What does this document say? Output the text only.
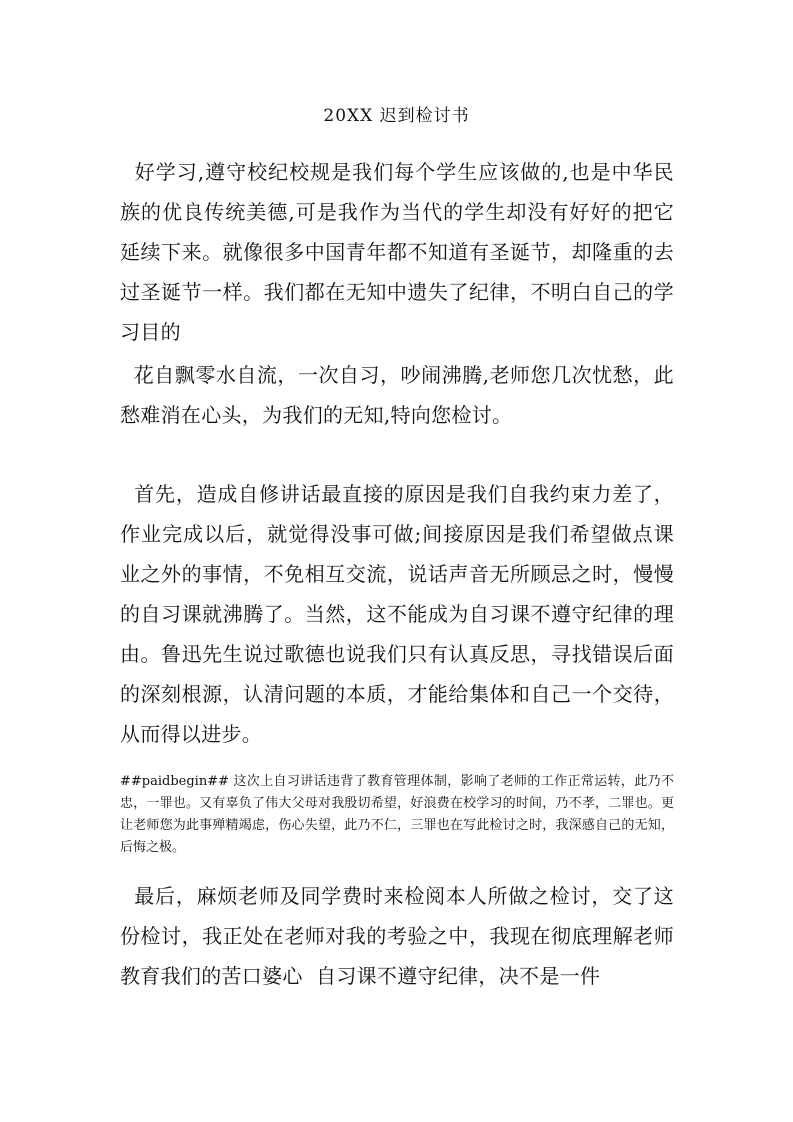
20XX 迟到检讨书

好学习,遵守校纪校规是我们每个学生应该做的,也是中华民族的优良传统美德,可是我作为当代的学生却没有好好的把它延续下来。就像很多中国青年都不知道有圣诞节，却隆重的去过圣诞节一样。我们都在无知中遗失了纪律，不明白自己的学习目的

花自飘零水自流，一次自习，吵闹沸腾,老师您几次忧愁，此愁难消在心头，为我们的无知,特向您检讨。

首先，造成自修讲话最直接的原因是我们自我约束力差了，作业完成以后，就觉得没事可做;间接原因是我们希望做点课业之外的事情，不免相互交流，说话声音无所顾忌之时，慢慢的自习课就沸腾了。当然，这不能成为自习课不遵守纪律的理由。鲁迅先生说过歌德也说我们只有认真反思，寻找错误后面的深刻根源，认清问题的本质，才能给集体和自己一个交待，从而得以进步。

##paidbegin## 这次上自习讲话违背了教育管理体制，影响了老师的工作正常运转，此乃不忠，一罪也。又有辜负了伟大父母对我殷切希望，好浪费在校学习的时间，乃不孝，二罪也。更让老师您为此事殚精竭虑，伤心失望，此乃不仁，三罪也在写此检讨之时，我深感自己的无知，后悔之极。

最后，麻烦老师及同学费时来检阅本人所做之检讨，交了这份检讨，我正处在老师对我的考验之中，我现在彻底理解老师教育我们的苦口婆心  自习课不遵守纪律，决不是一件
